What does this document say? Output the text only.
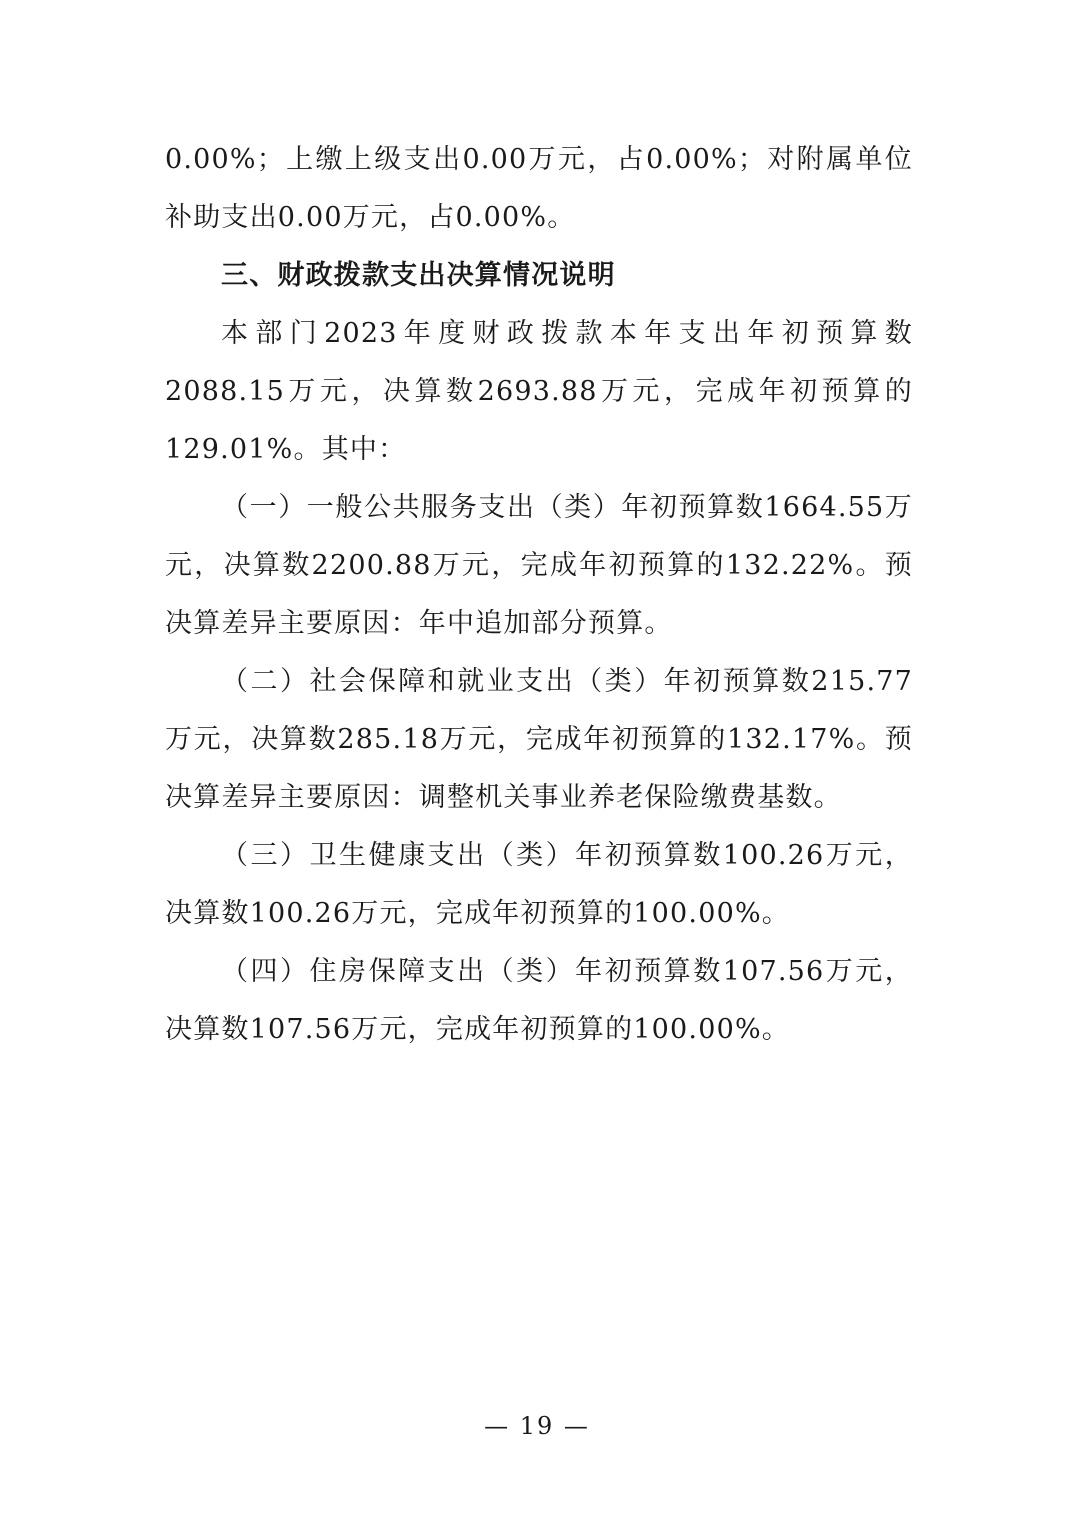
0.00%；上缴上级支出0.00万元，占0.00%；对附属单位补助支出0.00万元，占0.00%。

三、财政拨款支出决算情况说明

本部门2023年度财政拨款本年支出年初预算数2088.15万元，决算数2693.88万元，完成年初预算的129.01%。其中：

（一）一般公共服务支出（类）年初预算数1664.55万元，决算数2200.88万元，完成年初预算的132.22%。预决算差异主要原因：年中追加部分预算。

（二）社会保障和就业支出（类）年初预算数215.77万元，决算数285.18万元，完成年初预算的132.17%。预决算差异主要原因：调整机关事业养老保险缴费基数。

（三）卫生健康支出（类）年初预算数100.26万元，决算数100.26万元，完成年初预算的100.00%。

（四）住房保障支出（类）年初预算数107.56万元，决算数107.56万元，完成年初预算的100.00%。

— 19 —
